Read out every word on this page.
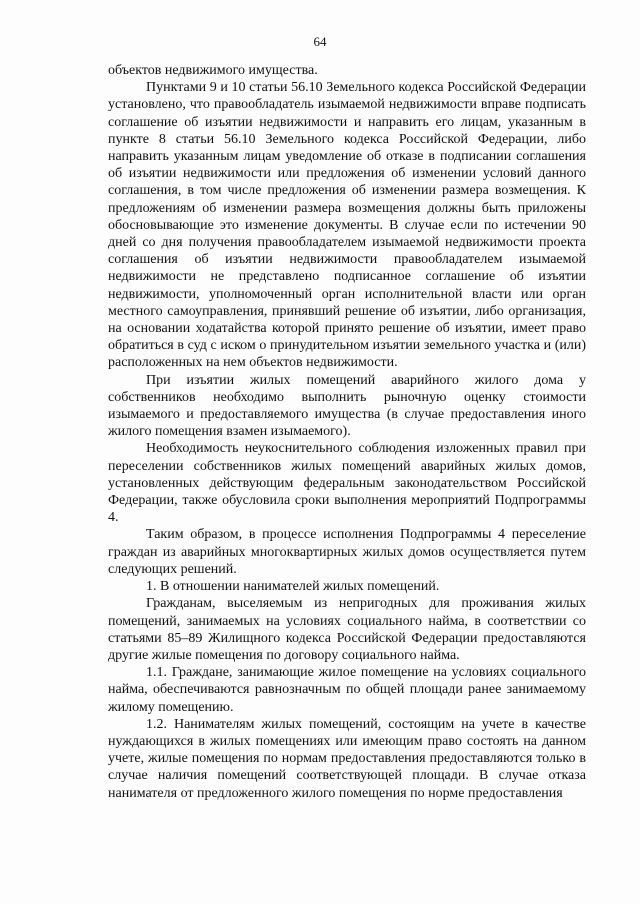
64

объектов недвижимого имущества.

Пунктами 9 и 10 статьи 56.10 Земельного кодекса Российской Федерации установлено, что правообладатель изымаемой недвижимости вправе подписать соглашение об изъятии недвижимости и направить его лицам, указанным в пункте 8 статьи 56.10 Земельного кодекса Российской Федерации, либо направить указанным лицам уведомление об отказе в подписании соглашения об изъятии недвижимости или предложения об изменении условий данного соглашения, в том числе предложения об изменении размера возмещения. К предложениям об изменении размера возмещения должны быть приложены обосновывающие это изменение документы. В случае если по истечении 90 дней со дня получения правообладателем изымаемой недвижимости проекта соглашения об изъятии недвижимости правообладателем изымаемой недвижимости не представлено подписанное соглашение об изъятии недвижимости, уполномоченный орган исполнительной власти или орган местного самоуправления, принявший решение об изъятии, либо организация, на основании ходатайства которой принято решение об изъятии, имеет право обратиться в суд с иском о принудительном изъятии земельного участка и (или) расположенных на нем объектов недвижимости.

При изъятии жилых помещений аварийного жилого дома у собственников необходимо выполнить рыночную оценку стоимости изымаемого и предоставляемого имущества (в случае предоставления иного жилого помещения взамен изымаемого).

Необходимость неукоснительного соблюдения изложенных правил при переселении собственников жилых помещений аварийных жилых домов, установленных действующим федеральным законодательством Российской Федерации, также обусловила сроки выполнения мероприятий Подпрограммы 4.

Таким образом, в процессе исполнения Подпрограммы 4 переселение граждан из аварийных многоквартирных жилых домов осуществляется путем следующих решений.

1. В отношении нанимателей жилых помещений.

Гражданам, выселяемым из непригодных для проживания жилых помещений, занимаемых на условиях социального найма, в соответствии со статьями 85–89 Жилищного кодекса Российской Федерации предоставляются другие жилые помещения по договору социального найма.

1.1. Гражданe, занимающие жилое помещение на условиях социального найма, обеспечиваются равнозначным по общей площади ранее занимаемому жилому помещению.

1.2. Нанимателям жилых помещений, состоящим на учете в качестве нуждающихся в жилых помещениях или имеющим право состоять на данном учете, жилые помещения по нормам предоставления предоставляются только в случае наличия помещений соответствующей площади. В случае отказа нанимателя от предложенного жилого помещения по норме предоставления
